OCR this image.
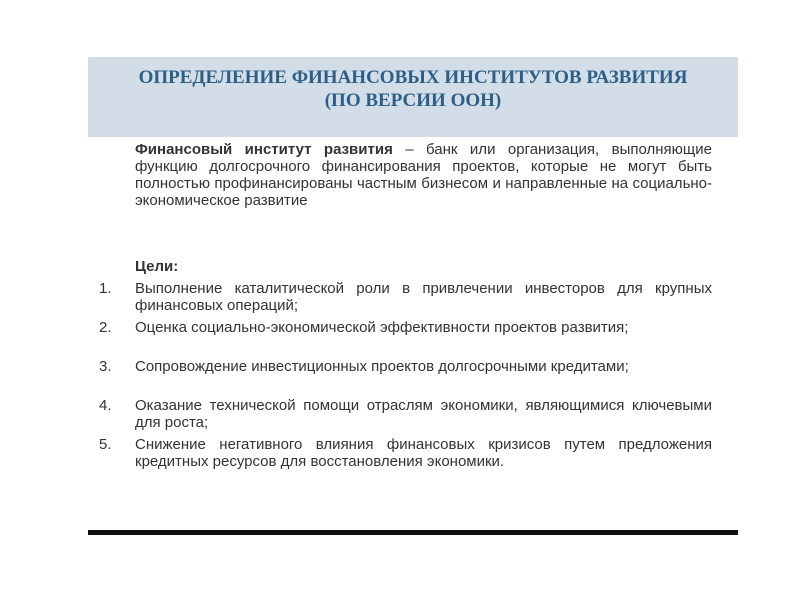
ОПРЕДЕЛЕНИЕ ФИНАНСОВЫХ ИНСТИТУТОВ РАЗВИТИЯ
(ПО ВЕРСИИ ООН)
Финансовый институт развития – банк или организация, выполняющие функцию долгосрочного финансирования проектов, которые не могут быть полностью профинансированы частным бизнесом и направленные на социально-экономическое развитие
Цели:
1. Выполнение каталитической роли в привлечении инвесторов для крупных финансовых операций;
2. Оценка социально-экономической эффективности проектов развития;
3. Сопровождение инвестиционных проектов долгосрочными кредитами;
4. Оказание технической помощи отраслям экономики, являющимися ключевыми для роста;
5. Снижение негативного влияния финансовых кризисов путем предложения кредитных ресурсов для восстановления экономики.
